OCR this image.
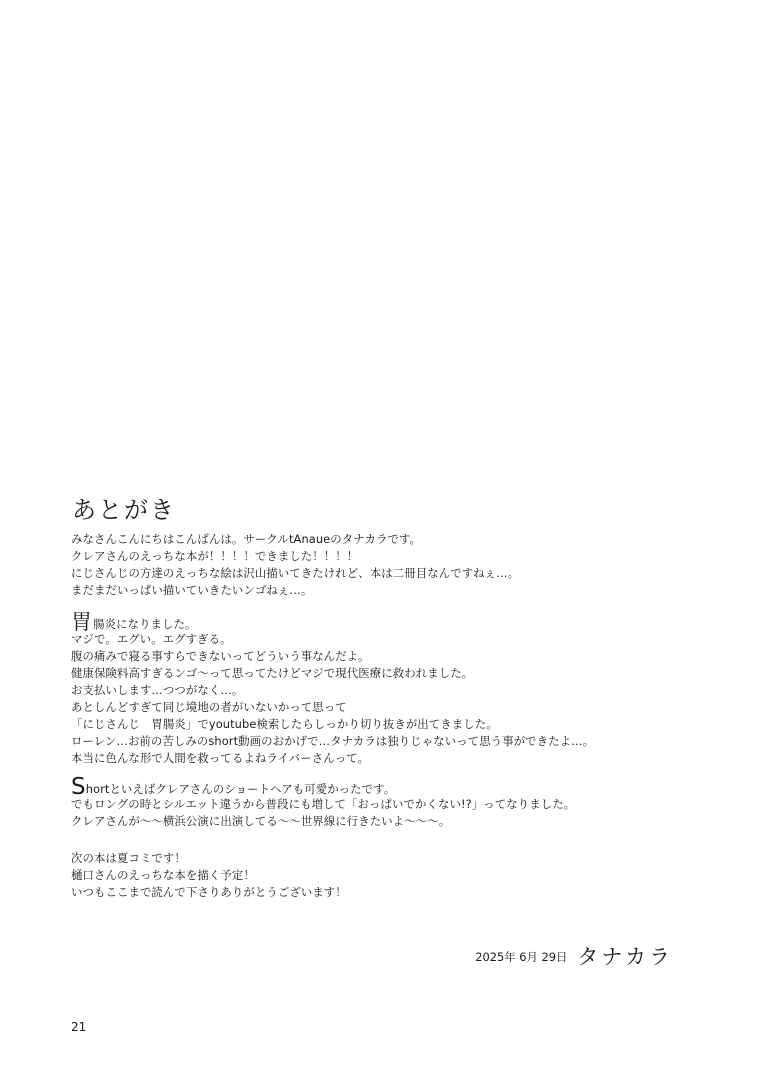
あとがき
みなさんこんにちはこんばんは。サークルtAnaueのタナカラです。
クレアさんのえっちな本が！！！！できました！！！！
にじさんじの方達のえっちな絵は沢山描いてきたけれど、本は二冊目なんですねぇ…。
まだまだいっぱい描いていきたいンゴねぇ…。
胃腸炎になりました。
マジで。エグい。エグすぎる。
腹の痛みで寝る事すらできないってどういう事なんだよ。
健康保険料高すぎるンゴ〜って思ってたけどマジで現代医療に救われました。
お支払いします…つつがなく…。
あとしんどすぎて同じ境地の者がいないかって思って
「にじさんじ　胃腸炎」でyoutube検索したらしっかり切り抜きが出てきました。
ローレン…お前の苦しみのshort動画のおかげで…タナカラは独りじゃないって思う事ができたよ…。
本当に色んな形で人間を救ってるよねライバーさんって。
Shortといえばクレアさんのショートヘアも可愛かったです。
でもロングの時とシルエット違うから普段にも増して「おっぱいでかくない!?」ってなりました。
クレアさんが〜〜横浜公演に出演してる〜〜世界線に行きたいよ〜〜〜。
次の本は夏コミです！
樋口さんのえっちな本を描く予定！
いつもここまで読んで下さりありがとうございます！
2025年 6月 29日 タナカラ
21
